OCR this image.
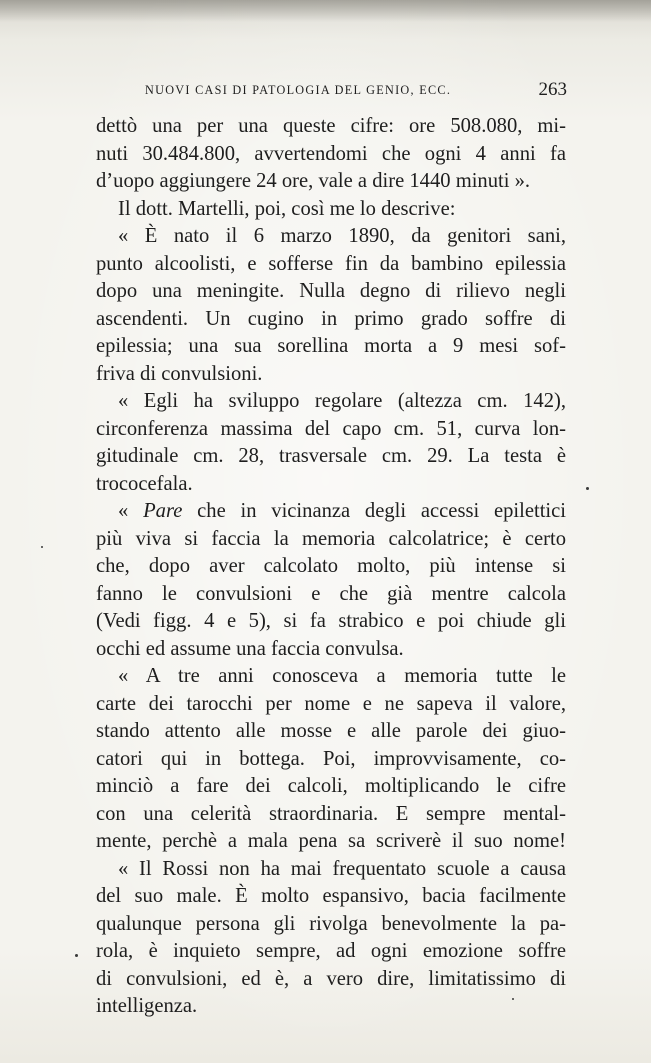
NUOVI CASI DI PATOLOGIA DEL GENIO, ECC.	263
dettò una per una queste cifre: ore 508.080, mi-
nuti 30.484.800, avvertendomi che ogni 4 anni fa
d’uopo aggiungere 24 ore, vale a dire 1440 minuti ».
Il dott. Martelli, poi, così me lo descrive:
« È nato il 6 marzo 1890, da genitori sani,
punto alcoolisti, e sofferse fin da bambino epilessia
dopo una meningite. Nulla degno di rilievo negli
ascendenti. Un cugino in primo grado soffre di
epilessia; una sua sorellina morta a 9 mesi sof-
friva di convulsioni.
« Egli ha sviluppo regolare (altezza cm. 142),
circonferenza massima del capo cm. 51, curva lon-
gitudinale cm. 28, trasversale cm. 29. La testa è
trococefala.
« Pare che in vicinanza degli accessi epilettici
più viva si faccia la memoria calcolatrice; è certo
che, dopo aver calcolato molto, più intense si
fanno le convulsioni e che già mentre calcola
(Vedi figg. 4 e 5), si fa strabico e poi chiude gli
occhi ed assume una faccia convulsa.
« A tre anni conosceva a memoria tutte le
carte dei tarocchi per nome e ne sapeva il valore,
stando attento alle mosse e alle parole dei giuo-
catori qui in bottega. Poi, improvvisamente, co-
minciò a fare dei calcoli, moltiplicando le cifre
con una celerità straordinaria. E sempre mental-
mente, perchè a mala pena sa scriverè il suo nome!
« Il Rossi non ha mai frequentato scuole a causa
del suo male. È molto espansivo, bacia facilmente
qualunque persona gli rivolga benevolmente la pa-
rola, è inquieto sempre, ad ogni emozione soffre
di convulsioni, ed è, a vero dire, limitatissimo di
intelligenza.
